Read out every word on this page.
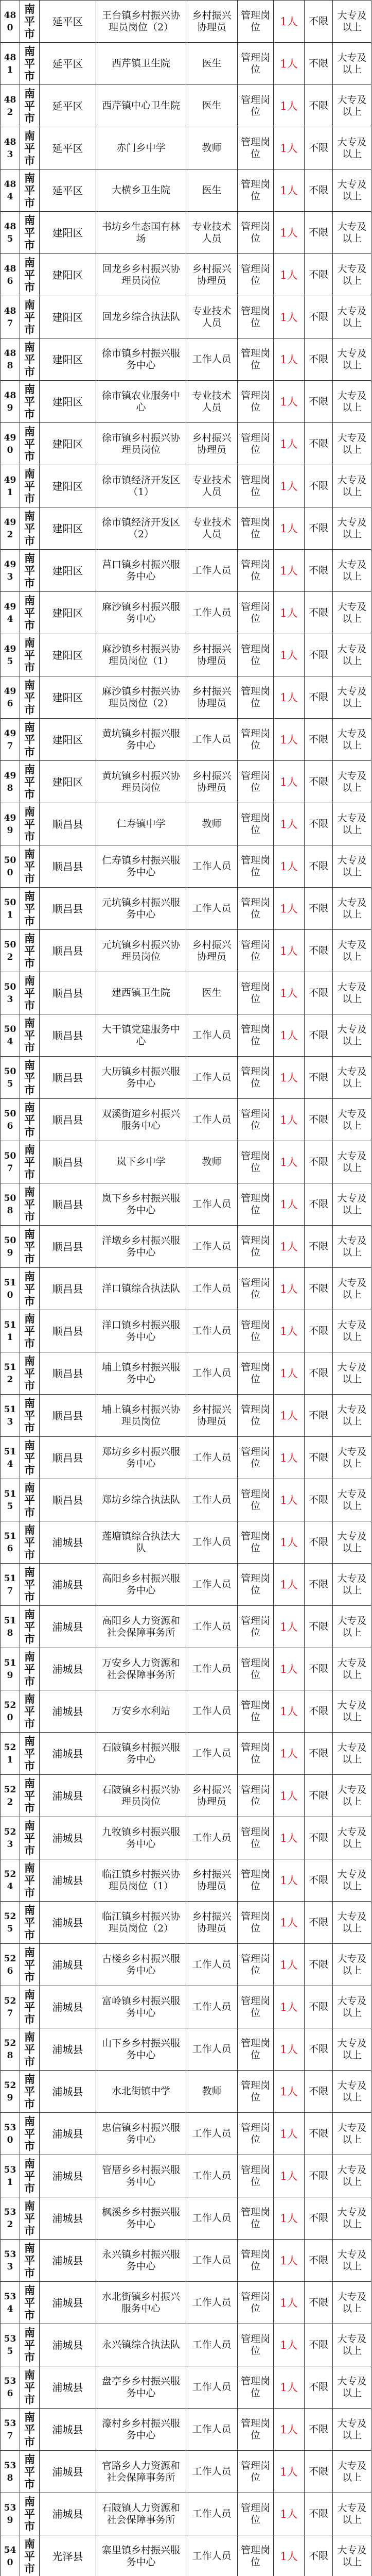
480	南平市	延平区	王台镇乡村振兴协理员岗位（2）	乡村振兴协理员	管理岗位	1人	不限	大专及以上
481	南平市	延平区	西芹镇卫生院	医生	管理岗位	1人	不限	大专及以上
482	南平市	延平区	西芹镇中心卫生院	医生	管理岗位	1人	不限	大专及以上
483	南平市	延平区	赤门乡中学	教师	管理岗位	1人	不限	大专及以上
484	南平市	延平区	大横乡卫生院	医生	管理岗位	1人	不限	大专及以上
485	南平市	建阳区	书坊乡生态国有林场	专业技术人员	管理岗位	1人	不限	大专及以上
486	南平市	建阳区	回龙乡乡村振兴协理员岗位	乡村振兴协理员	管理岗位	1人	不限	大专及以上
487	南平市	建阳区	回龙乡综合执法队	专业技术人员	管理岗位	1人	不限	大专及以上
488	南平市	建阳区	徐市镇乡村振兴服务中心	工作人员	管理岗位	1人	不限	大专及以上
489	南平市	建阳区	徐市镇农业服务中心	专业技术人员	管理岗位	1人	不限	大专及以上
490	南平市	建阳区	徐市镇乡村振兴协理员岗位	乡村振兴协理员	管理岗位	1人	不限	大专及以上
491	南平市	建阳区	徐市镇经济开发区（1）	专业技术人员	管理岗位	1人	不限	大专及以上
492	南平市	建阳区	徐市镇经济开发区（2）	专业技术人员	管理岗位	1人	不限	大专及以上
493	南平市	建阳区	莒口镇乡村振兴服务中心	工作人员	管理岗位	1人	不限	大专及以上
494	南平市	建阳区	麻沙镇乡村振兴服务中心	工作人员	管理岗位	1人	不限	大专及以上
495	南平市	建阳区	麻沙镇乡村振兴协理员岗位（1）	乡村振兴协理员	管理岗位	1人	不限	大专及以上
496	南平市	建阳区	麻沙镇乡村振兴协理员岗位（2）	乡村振兴协理员	管理岗位	1人	不限	大专及以上
497	南平市	建阳区	黄坑镇乡村振兴服务中心	工作人员	管理岗位	1人	不限	大专及以上
498	南平市	建阳区	黄坑镇乡村振兴协理员岗位	乡村振兴协理员	管理岗位	1人	不限	大专及以上
499	南平市	顺昌县	仁寿镇中学	教师	管理岗位	1人	不限	大专及以上
500	南平市	顺昌县	仁寿镇乡村振兴服务中心	工作人员	管理岗位	1人	不限	大专及以上
501	南平市	顺昌县	元坑镇乡村振兴服务中心	工作人员	管理岗位	1人	不限	大专及以上
502	南平市	顺昌县	元坑镇乡村振兴协理员岗位	乡村振兴协理员	管理岗位	1人	不限	大专及以上
503	南平市	顺昌县	建西镇卫生院	医生	管理岗位	1人	不限	大专及以上
504	南平市	顺昌县	大干镇党建服务中心	工作人员	管理岗位	1人	不限	大专及以上
505	南平市	顺昌县	大历镇乡村振兴服务中心	工作人员	管理岗位	1人	不限	大专及以上
506	南平市	顺昌县	双溪街道乡村振兴服务中心	工作人员	管理岗位	1人	不限	大专及以上
507	南平市	顺昌县	岚下乡中学	教师	管理岗位	1人	不限	大专及以上
508	南平市	顺昌县	岚下乡乡村振兴服务中心	工作人员	管理岗位	1人	不限	大专及以上
509	南平市	顺昌县	洋墩乡乡村振兴服务中心	工作人员	管理岗位	1人	不限	大专及以上
510	南平市	顺昌县	洋口镇综合执法队	工作人员	管理岗位	1人	不限	大专及以上
511	南平市	顺昌县	洋口镇乡村振兴服务中心	工作人员	管理岗位	1人	不限	大专及以上
512	南平市	顺昌县	埔上镇乡村振兴服务中心	工作人员	管理岗位	1人	不限	大专及以上
513	南平市	顺昌县	埔上镇乡村振兴协理员岗位	乡村振兴协理员	管理岗位	1人	不限	大专及以上
514	南平市	顺昌县	郑坊乡乡村振兴服务中心	工作人员	管理岗位	1人	不限	大专及以上
515	南平市	顺昌县	郑坊乡综合执法队	工作人员	管理岗位	1人	不限	大专及以上
516	南平市	浦城县	莲塘镇综合执法大队	工作人员	管理岗位	1人	不限	大专及以上
517	南平市	浦城县	高阳乡乡村振兴服务中心	工作人员	管理岗位	1人	不限	大专及以上
518	南平市	浦城县	高阳乡人力资源和社会保障事务所	工作人员	管理岗位	1人	不限	大专及以上
519	南平市	浦城县	万安乡人力资源和社会保障事务所	工作人员	管理岗位	1人	不限	大专及以上
520	南平市	浦城县	万安乡水利站	工作人员	管理岗位	1人	不限	大专及以上
521	南平市	浦城县	石陂镇乡村振兴服务中心	工作人员	管理岗位	1人	不限	大专及以上
522	南平市	浦城县	石陂镇乡村振兴协理员岗位	乡村振兴协理员	管理岗位	1人	不限	大专及以上
523	南平市	浦城县	九牧镇乡村振兴服务中心	工作人员	管理岗位	1人	不限	大专及以上
524	南平市	浦城县	临江镇乡村振兴协理员岗位（1）	乡村振兴协理员	管理岗位	1人	不限	大专及以上
525	南平市	浦城县	临江镇乡村振兴协理员岗位（2）	乡村振兴协理员	管理岗位	1人	不限	大专及以上
526	南平市	浦城县	古楼乡乡村振兴服务中心	工作人员	管理岗位	1人	不限	大专及以上
527	南平市	浦城县	富岭镇乡村振兴服务中心	工作人员	管理岗位	1人	不限	大专及以上
528	南平市	浦城县	山下乡乡村振兴服务中心	工作人员	管理岗位	1人	不限	大专及以上
529	南平市	浦城县	水北街镇中学	教师	管理岗位	1人	不限	大专及以上
530	南平市	浦城县	忠信镇乡村振兴服务中心	工作人员	管理岗位	1人	不限	大专及以上
531	南平市	浦城县	管厝乡乡村振兴服务中心	工作人员	管理岗位	1人	不限	大专及以上
532	南平市	浦城县	枫溪乡乡村振兴服务中心	工作人员	管理岗位	1人	不限	大专及以上
533	南平市	浦城县	永兴镇乡村振兴服务中心	工作人员	管理岗位	1人	不限	大专及以上
534	南平市	浦城县	水北街镇乡村振兴服务中心	工作人员	管理岗位	1人	不限	大专及以上
535	南平市	浦城县	永兴镇综合执法队	工作人员	管理岗位	1人	不限	大专及以上
536	南平市	浦城县	盘亭乡乡村振兴服务中心	工作人员	管理岗位	1人	不限	大专及以上
537	南平市	浦城县	濠村乡乡村振兴服务中心	工作人员	管理岗位	1人	不限	大专及以上
538	南平市	浦城县	官路乡人力资源和社会保障事务所	工作人员	管理岗位	1人	不限	大专及以上
539	南平市	浦城县	石陂镇人力资源和社会保障事务所	工作人员	管理岗位	1人	不限	大专及以上
540	南平市	光泽县	寨里镇乡村振兴服务中心	工作人员	管理岗位	1人	不限	大专及以上
